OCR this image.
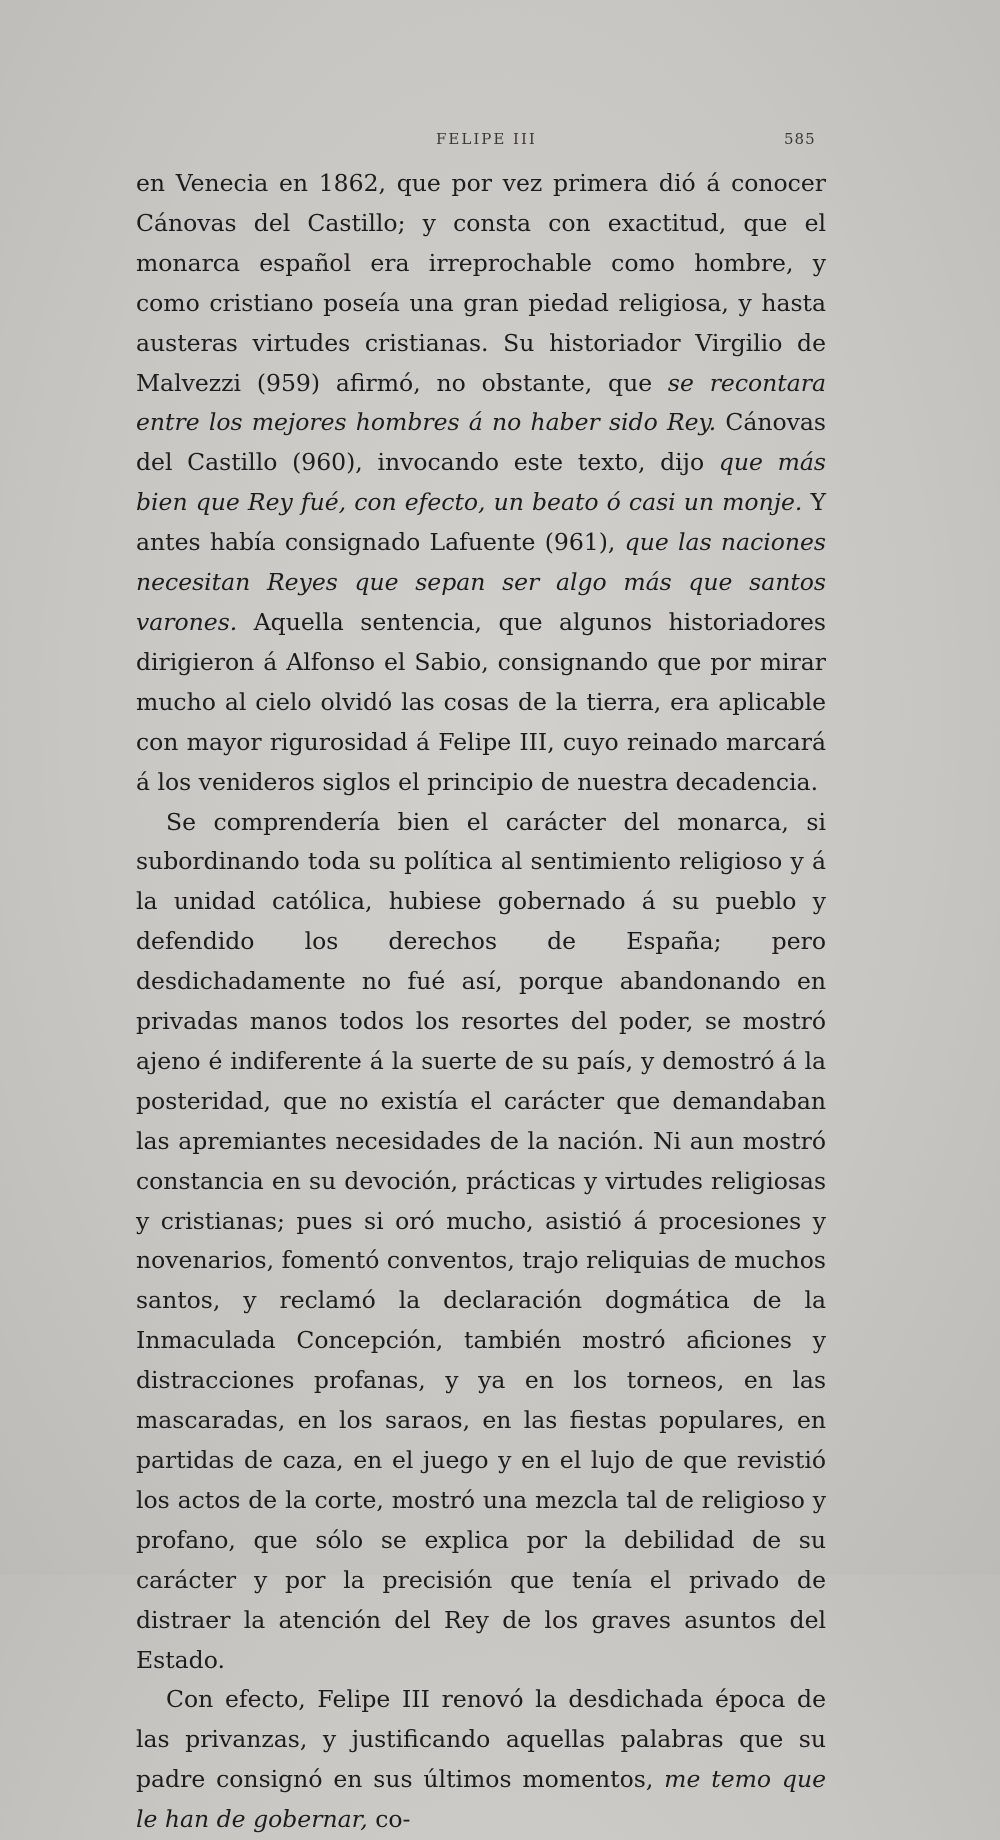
FELIPE III	585

en Venecia en 1862, que por vez primera dió á conocer Cánovas del Castillo; y consta con exactitud, que el monarca español era irreprochable como hombre, y como cristiano poseía una gran piedad religiosa, y hasta austeras virtudes cristianas. Su historiador Virgilio de Malvezzi (959) afirmó, no obstante, que se recontara entre los mejores hombres á no haber sido Rey. Cánovas del Castillo (960), invocando este texto, dijo que más bien que Rey fué, con efecto, un beato ó casi un monje. Y antes había consignado Lafuente (961), que las naciones necesitan Reyes que sepan ser algo más que santos varones. Aquella sentencia, que algunos historiadores dirigieron á Alfonso el Sabio, consignando que por mirar mucho al cielo olvidó las cosas de la tierra, era aplicable con mayor rigurosidad á Felipe III, cuyo reinado marcará á los venideros siglos el principio de nuestra decadencia.

Se comprendería bien el carácter del monarca, si subordinando toda su política al sentimiento religioso y á la unidad católica, hubiese gobernado á su pueblo y defendido los derechos de España; pero desdichadamente no fué así, porque abandonando en privadas manos todos los resortes del poder, se mostró ajeno é indiferente á la suerte de su país, y demostró á la posteridad, que no existía el carácter que demandaban las apremiantes necesidades de la nación. Ni aun mostró constancia en su devoción, prácticas y virtudes religiosas y cristianas; pues si oró mucho, asistió á procesiones y novenarios, fomentó conventos, trajo reliquias de muchos santos, y reclamó la declaración dogmática de la Inmaculada Concepción, también mostró aficiones y distracciones profanas, y ya en los torneos, en las mascaradas, en los saraos, en las fiestas populares, en partidas de caza, en el juego y en el lujo de que revistió los actos de la corte, mostró una mezcla tal de religioso y profano, que sólo se explica por la debilidad de su carácter y por la precisión que tenía el privado de distraer la atención del Rey de los graves asuntos del Estado.

Con efecto, Felipe III renovó la desdichada época de las privanzas, y justificando aquellas palabras que su padre consignó en sus últimos momentos, me temo que le han de gobernar, co-
